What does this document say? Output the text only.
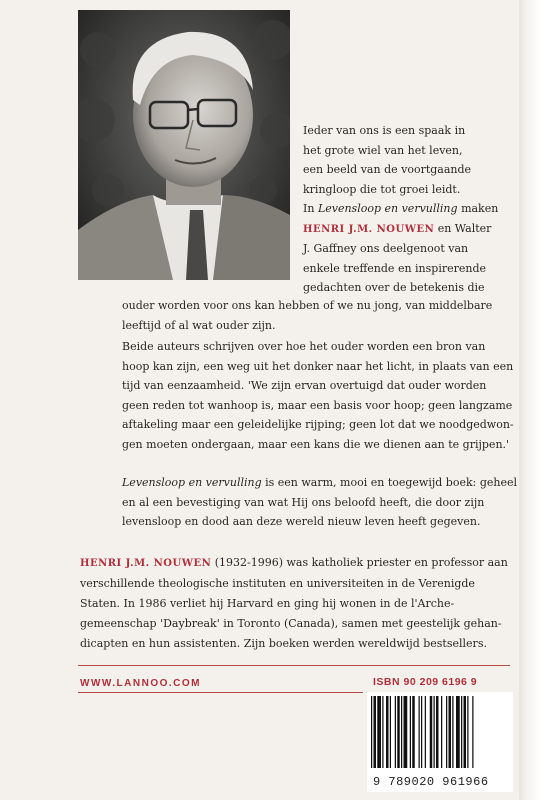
Ieder van ons is een spaak in
het grote wiel van het leven,
een beeld van de voortgaande
kringloop die tot groei leidt.
In Levensloop en vervulling maken
HENRI J.M. NOUWEN en Walter
J. Gaffney ons deelgenoot van
enkele treffende en inspirerende
gedachten over de betekenis die
ouder worden voor ons kan hebben of we nu jong, van middelbare
leeftijd of al wat ouder zijn.
Beide auteurs schrijven over hoe het ouder worden een bron van
hoop kan zijn, een weg uit het donker naar het licht, in plaats van een
tijd van eenzaamheid. 'We zijn ervan overtuigd dat ouder worden
geen reden tot wanhoop is, maar een basis voor hoop; geen langzame
aftakeling maar een geleidelijke rijping; geen lot dat we noodgedwon-
gen moeten ondergaan, maar een kans die we dienen aan te grijpen.'
Levensloop en vervulling is een warm, mooi en toegewijd boek: geheel
en al een bevestiging van wat Hij ons beloofd heeft, die door zijn
levensloop en dood aan deze wereld nieuw leven heeft gegeven.
HENRI J.M. NOUWEN (1932-1996) was katholiek priester en professor aan
verschillende theologische instituten en universiteiten in de Verenigde
Staten. In 1986 verliet hij Harvard en ging hij wonen in de l'Arche-
gemeenschap 'Daybreak' in Toronto (Canada), samen met geestelijk gehan-
dicapten en hun assistenten. Zijn boeken werden wereldwijd bestsellers.
WWW.LANNOO.COM	ISBN 90 209 6196 9
9 789020 961966
